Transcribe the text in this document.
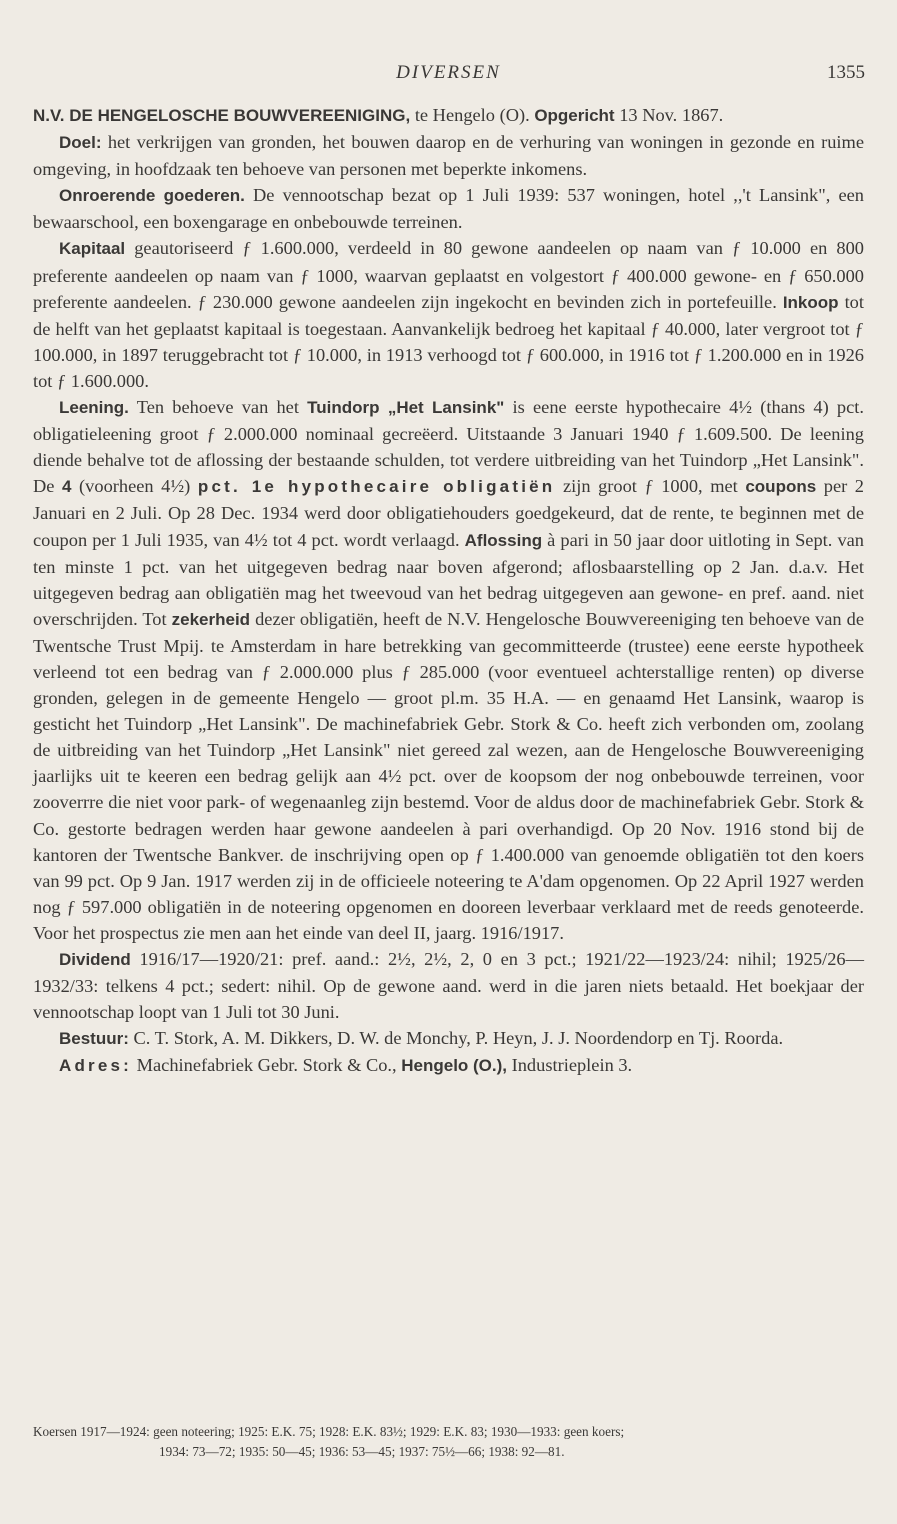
DIVERSEN	1355

N.V. DE HENGELOSCHE BOUWVEREENIGING, te Hengelo (O). Opgericht 13 Nov. 1867.

Doel: het verkrijgen van gronden, het bouwen daarop en de verhuring van woningen in gezonde en ruime omgeving, in hoofdzaak ten behoeve van personen met beperkte inkomens.

Onroerende goederen. De vennootschap bezat op 1 Juli 1939: 537 woningen, hotel ,,'t Lansink", een bewaarschool, een boxengarage en onbebouwde terreinen.

Kapitaal geautoriseerd ƒ 1.600.000, verdeeld in 80 gewone aandeelen op naam van ƒ 10.000 en 800 preferente aandeelen op naam van ƒ 1000, waarvan geplaatst en volgestort ƒ 400.000 gewone- en ƒ 650.000 preferente aandeelen. ƒ 230.000 gewone aandeelen zijn ingekocht en bevinden zich in portefeuille. Inkoop tot de helft van het geplaatst kapitaal is toegestaan. Aanvankelijk bedroeg het kapitaal ƒ 40.000, later vergroot tot ƒ 100.000, in 1897 teruggebracht tot ƒ 10.000, in 1913 verhoogd tot ƒ 600.000, in 1916 tot ƒ 1.200.000 en in 1926 tot ƒ 1.600.000.

Leening. Ten behoeve van het Tuindorp „Het Lansink" is eene eerste hypothecaire 4½ (thans 4) pct. obligatieleening groot ƒ 2.000.000 nominaal gecreëerd. Uitstaande 3 Januari 1940 ƒ 1.609.500. De leening diende behalve tot de aflossing der bestaande schulden, tot verdere uitbreiding van het Tuindorp „Het Lansink". De 4 (voorheen 4½) pct. 1e hypothecaire obligatiën zijn groot ƒ 1000, met coupons per 2 Januari en 2 Juli. Op 28 Dec. 1934 werd door obligatiehouders goedgekeurd, dat de rente, te beginnen met de coupon per 1 Juli 1935, van 4½ tot 4 pct. wordt verlaagd. Aflossing à pari in 50 jaar door uitloting in Sept. van ten minste 1 pct. van het uitgegeven bedrag naar boven afgerond; aflosbaarstelling op 2 Jan. d.a.v. Het uitgegeven bedrag aan obligatiën mag het tweevoud van het bedrag uitgegeven aan gewone- en pref. aand. niet overschrijden. Tot zekerheid dezer obligatiën, heeft de N.V. Hengelosche Bouwvereeniging ten behoeve van de Twentsche Trust Mpij. te Amsterdam in hare betrekking van gecommitteerde (trustee) eene eerste hypotheek verleend tot een bedrag van ƒ 2.000.000 plus ƒ 285.000 (voor eventueel achterstallige renten) op diverse gronden, gelegen in de gemeente Hengelo — groot pl.m. 35 H.A. — en genaamd Het Lansink, waarop is gesticht het Tuindorp „Het Lansink". De machinefabriek Gebr. Stork & Co. heeft zich verbonden om, zoolang de uitbreiding van het Tuindorp „Het Lansink" niet gereed zal wezen, aan de Hengelosche Bouwvereeniging jaarlijks uit te keeren een bedrag gelijk aan 4½ pct. over de koopsom der nog onbebouwde terreinen, voor zooverrre die niet voor park- of wegenaanleg zijn bestemd. Voor de aldus door de machinefabriek Gebr. Stork & Co. gestorte bedragen werden haar gewone aandeelen à pari overhandigd. Op 20 Nov. 1916 stond bij de kantoren der Twentsche Bankver. de inschrijving open op ƒ 1.400.000 van genoemde obligatiën tot den koers van 99 pct. Op 9 Jan. 1917 werden zij in de officieele noteering te A'dam opgenomen. Op 22 April 1927 werden nog ƒ 597.000 obligatiën in de noteering opgenomen en dooreen leverbaar verklaard met de reeds genoteerde. Voor het prospectus zie men aan het einde van deel II, jaarg. 1916/1917.

Dividend 1916/17—1920/21: pref. aand.: 2½, 2½, 2, 0 en 3 pct.; 1921/22—1923/24: nihil; 1925/26—1932/33: telkens 4 pct.; sedert: nihil. Op de gewone aand. werd in die jaren niets betaald. Het boekjaar der vennootschap loopt van 1 Juli tot 30 Juni.

Bestuur: C. T. Stork, A. M. Dikkers, D. W. de Monchy, P. Heyn, J. J. Noordendorp en Tj. Roorda.

Adres: Machinefabriek Gebr. Stork & Co., Hengelo (O.), Industrieplein 3.

Koersen 1917—1924: geen noteering; 1925: E.K. 75; 1928: E.K. 83½; 1929: E.K. 83; 1930—1933: geen koers;

1934: 73—72; 1935: 50—45; 1936: 53—45; 1937: 75½—66; 1938: 92—81.
